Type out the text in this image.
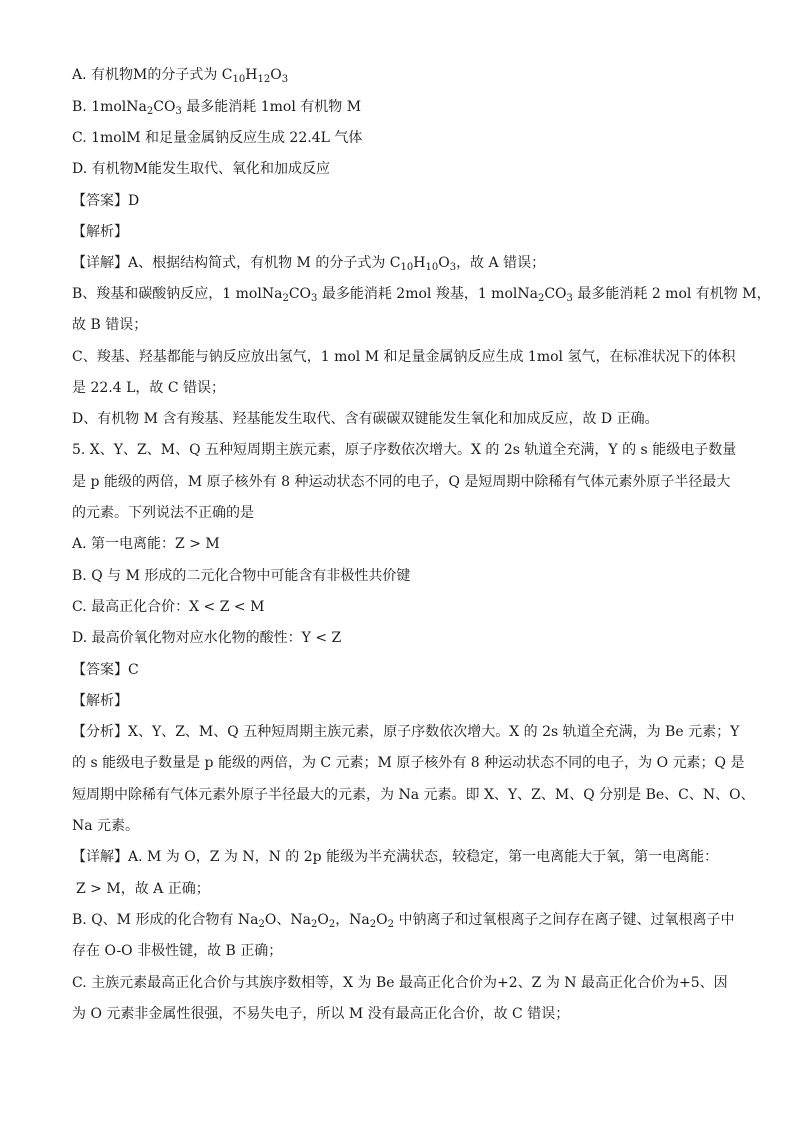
A. 有机物M的分子式为 $C_{10}H_{12}O_3$
B. $1molNa_2CO_3$ 最多能消耗 1mol 有机物 M
C. 1molM 和足量金属钠反应生成 22.4L 气体
D. 有机物M能发生取代、氧化和加成反应
【答案】D
【解析】
【详解】A、根据结构简式，有机物 M 的分子式为 $C_{10}H_{10}O_3$，故 A 错误；
B、羧基和碳酸钠反应，1 $molNa_2CO_3$ 最多能消耗 2mol 羧基，1 $molNa_2CO_3$ 最多能消耗 2 mol 有机物 M，
故 B 错误；
C、羧基、羟基都能与钠反应放出氢气，1 mol M 和足量金属钠反应生成 1mol 氢气，在标准状况下的体积
是 22.4 L，故 C 错误；
D、有机物 M 含有羧基、羟基能发生取代、含有碳碳双键能发生氧化和加成反应，故 D 正确。
5. X、Y、Z、M、Q 五种短周期主族元素，原子序数依次增大。X 的 2s 轨道全充满，Y 的 s 能级电子数量
是 p 能级的两倍，M 原子核外有 8 种运动状态不同的电子，Q 是短周期中除稀有气体元素外原子半径最大
的元素。下列说法不正确的是
A. 第一电离能：Z > M
B. Q 与 M 形成的二元化合物中可能含有非极性共价键
C. 最高正化合价：X < Z < M
D. 最高价氧化物对应水化物的酸性：Y < Z
【答案】C
【解析】
【分析】X、Y、Z、M、Q 五种短周期主族元素，原子序数依次增大。X 的 2s 轨道全充满，为 Be 元素；Y
的 s 能级电子数量是 p 能级的两倍，为 C 元素；M 原子核外有 8 种运动状态不同的电子，为 O 元素；Q 是
短周期中除稀有气体元素外原子半径最大的元素，为 Na 元素。即 X、Y、Z、M、Q 分别是 Be、C、N、O、
Na 元素。
【详解】A. M 为 O，Z 为 N，N 的 2p 能级为半充满状态，较稳定，第一电离能大于氧，第一电离能：
Z > M，故 A 正确；
B. Q、M 形成的化合物有 $Na_2O$、$Na_2O_2$，$Na_2O_2$ 中钠离子和过氧根离子之间存在离子键、过氧根离子中
存在 O-O 非极性键，故 B 正确；
C. 主族元素最高正化合价与其族序数相等，X 为 Be 最高正化合价为+2、Z 为 N 最高正化合价为+5、因
为 O 元素非金属性很强，不易失电子，所以 M 没有最高正化合价，故 C 错误；
